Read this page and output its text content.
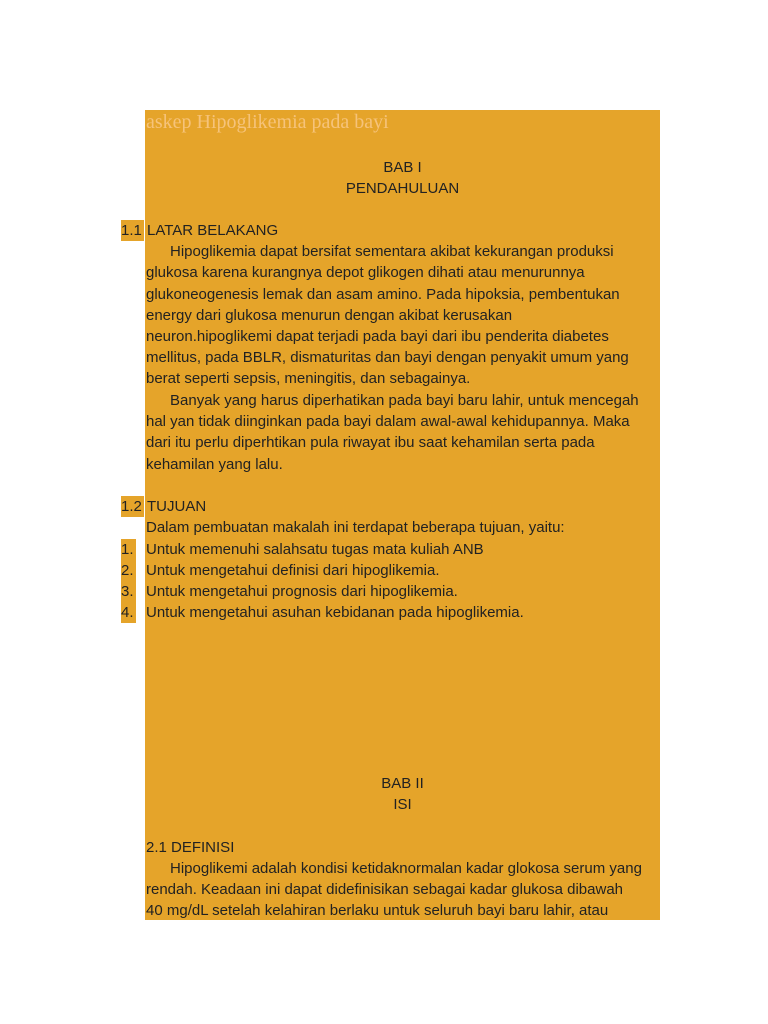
askep Hipoglikemia pada bayi
BAB I
PENDAHULUAN
1.1 LATAR BELAKANG
Hipoglikemia dapat bersifat sementara akibat kekurangan produksi
glukosa karena kurangnya depot glikogen dihati atau menurunnya
glukoneogenesis lemak dan asam amino. Pada hipoksia, pembentukan
energy dari glukosa menurun dengan akibat kerusakan
neuron.hipoglikemi dapat terjadi pada bayi dari ibu penderita diabetes
mellitus, pada BBLR, dismaturitas dan bayi dengan penyakit umum yang
berat seperti sepsis, meningitis, dan sebagainya.
Banyak yang harus diperhatikan pada bayi baru lahir, untuk mencegah
hal yan tidak diinginkan pada bayi dalam awal-awal kehidupannya. Maka
dari itu perlu diperhtikan pula riwayat ibu saat kehamilan serta pada
kehamilan yang lalu.
1.2 TUJUAN
Dalam pembuatan makalah ini terdapat beberapa tujuan, yaitu:
1. Untuk memenuhi salahsatu tugas mata kuliah ANB
2. Untuk mengetahui definisi dari hipoglikemia.
3. Untuk mengetahui prognosis dari hipoglikemia.
4. Untuk mengetahui asuhan kebidanan pada hipoglikemia.
BAB II
ISI
2.1 DEFINISI
Hipoglikemi adalah kondisi ketidaknormalan kadar glokosa serum yang
rendah. Keadaan ini dapat didefinisikan sebagai kadar glukosa dibawah
40 mg/dL setelah kelahiran berlaku untuk seluruh bayi baru lahir, atau
